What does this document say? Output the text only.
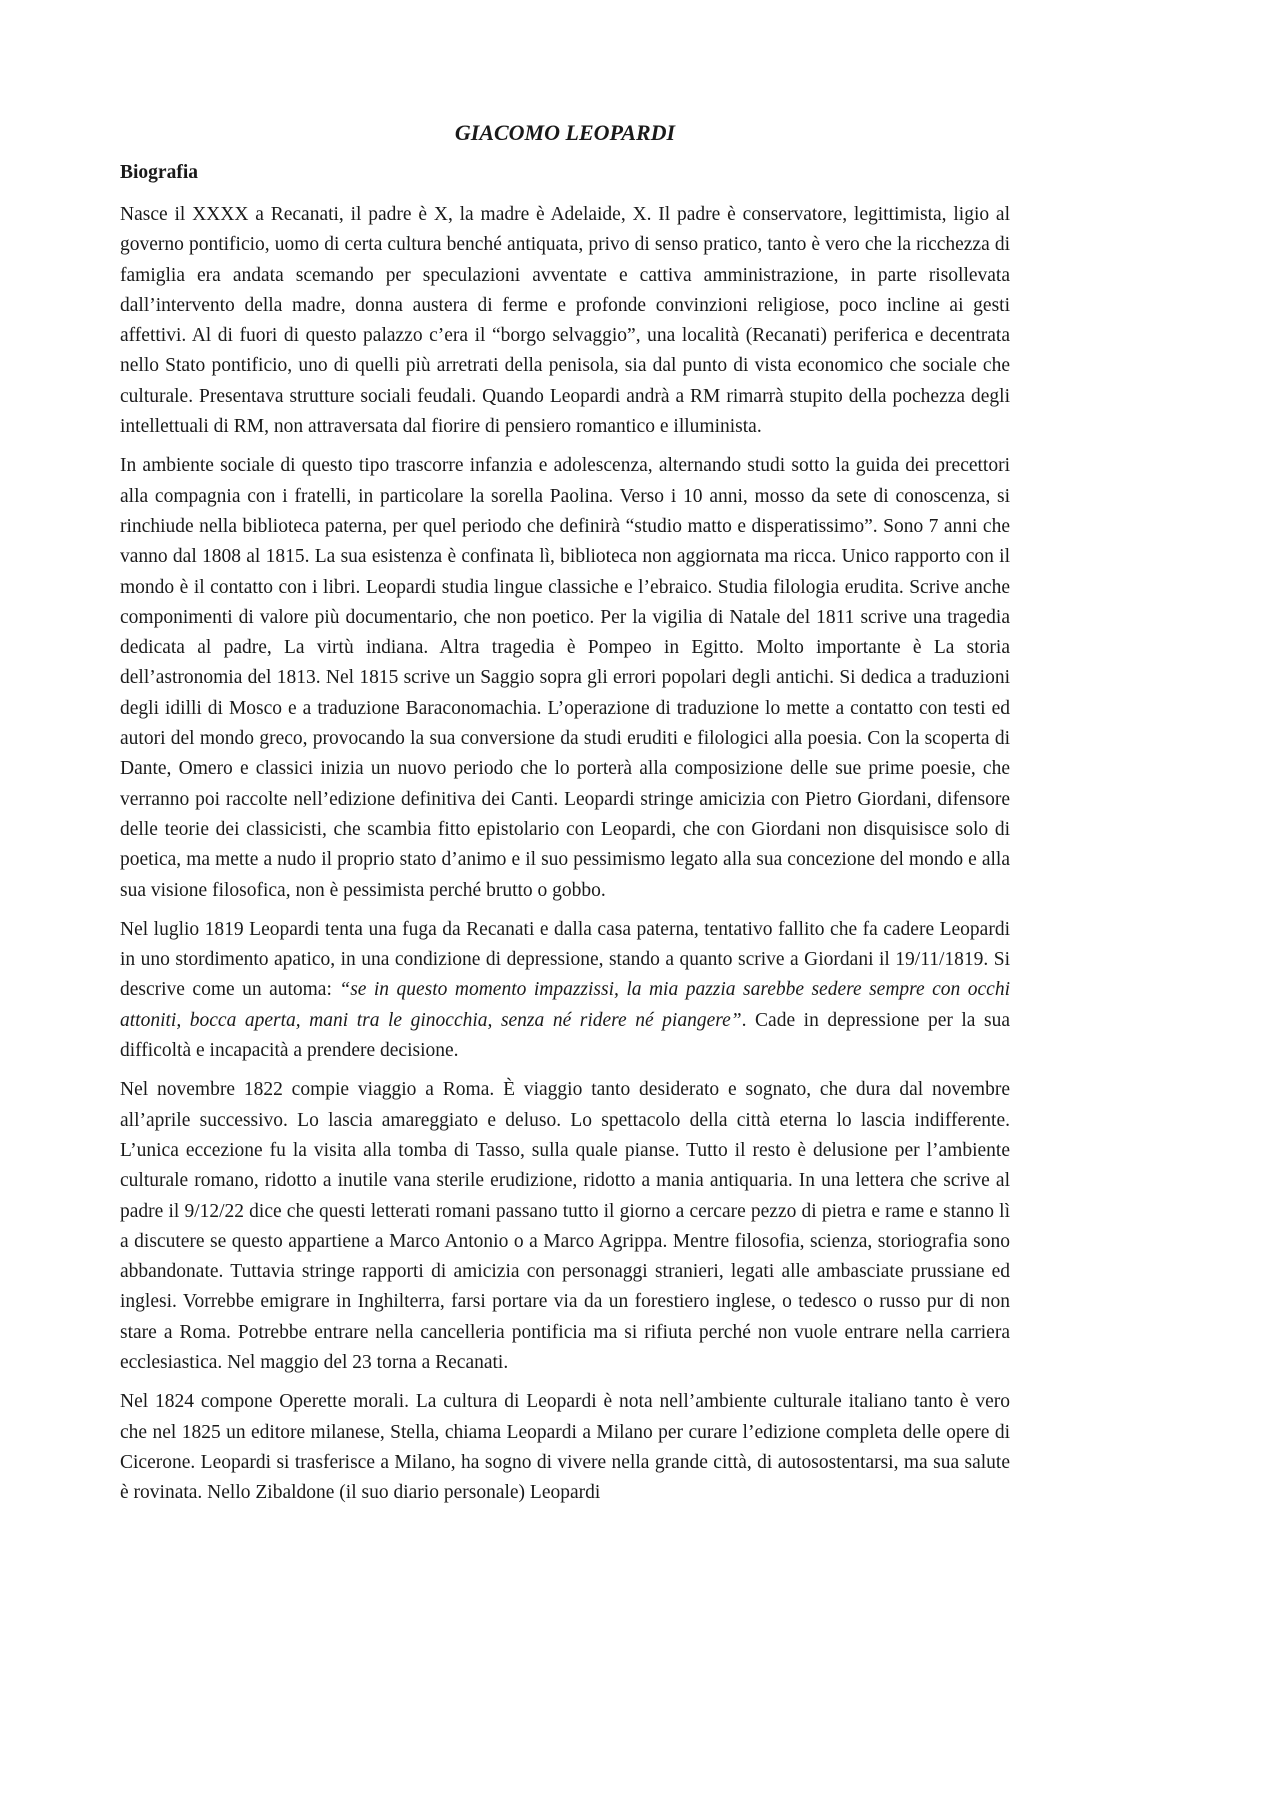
GIACOMO LEOPARDI
Biografia

Nasce il XXXX a Recanati, il padre è X, la madre è Adelaide, X. Il padre è conservatore, legittimista, ligio al governo pontificio, uomo di certa cultura benché antiquata, privo di senso pratico, tanto è vero che la ricchezza di famiglia era andata scemando per speculazioni avventate e cattiva amministrazione, in parte risollevata dall’intervento della madre, donna austera di ferme e profonde convinzioni religiose, poco incline ai gesti affettivi. Al di fuori di questo palazzo c’era il “borgo selvaggio”, una località (Recanati) periferica e decentrata nello Stato pontificio, uno di quelli più arretrati della penisola, sia dal punto di vista economico che sociale che culturale. Presentava strutture sociali feudali. Quando Leopardi andrà a RM rimarrà stupito della pochezza degli intellettuali di RM, non attraversata dal fiorire di pensiero romantico e illuminista.

In ambiente sociale di questo tipo trascorre infanzia e adolescenza, alternando studi sotto la guida dei precettori alla compagnia con i fratelli, in particolare la sorella Paolina. Verso i 10 anni, mosso da sete di conoscenza, si rinchiude nella biblioteca paterna, per quel periodo che definirà “studio matto e disperatissimo”. Sono 7 anni che vanno dal 1808 al 1815. La sua esistenza è confinata lì, biblioteca non aggiornata ma ricca. Unico rapporto con il mondo è il contatto con i libri. Leopardi studia lingue classiche e l’ebraico. Studia filologia erudita. Scrive anche componimenti di valore più documentario, che non poetico. Per la vigilia di Natale del 1811 scrive una tragedia dedicata al padre, La virtù indiana. Altra tragedia è Pompeo in Egitto. Molto importante è La storia dell’astronomia del 1813. Nel 1815 scrive un Saggio sopra gli errori popolari degli antichi. Si dedica a traduzioni degli idilli di Mosco e a traduzione Baraconomachia. L’operazione di traduzione lo mette a contatto con testi ed autori del mondo greco, provocando la sua conversione da studi eruditi e filologici alla poesia. Con la scoperta di Dante, Omero e classici inizia un nuovo periodo che lo porterà alla composizione delle sue prime poesie, che verranno poi raccolte nell’edizione definitiva dei Canti. Leopardi stringe amicizia con Pietro Giordani, difensore delle teorie dei classicisti, che scambia fitto epistolario con Leopardi, che con Giordani non disquisisce solo di poetica, ma mette a nudo il proprio stato d’animo e il suo pessimismo legato alla sua concezione del mondo e alla sua visione filosofica, non è pessimista perché brutto o gobbo.

Nel luglio 1819 Leopardi tenta una fuga da Recanati e dalla casa paterna, tentativo fallito che fa cadere Leopardi in uno stordimento apatico, in una condizione di depressione, stando a quanto scrive a Giordani il 19/11/1819. Si descrive come un automa: “se in questo momento impazzissi, la mia pazzia sarebbe sedere sempre con occhi attoniti, bocca aperta, mani tra le ginocchia, senza né ridere né piangere”. Cade in depressione per la sua difficoltà e incapacità a prendere decisione.

Nel novembre 1822 compie viaggio a Roma. È viaggio tanto desiderato e sognato, che dura dal novembre all’aprile successivo. Lo lascia amareggiato e deluso. Lo spettacolo della città eterna lo lascia indifferente. L’unica eccezione fu la visita alla tomba di Tasso, sulla quale pianse. Tutto il resto è delusione per l’ambiente culturale romano, ridotto a inutile vana sterile erudizione, ridotto a mania antiquaria. In una lettera che scrive al padre il 9/12/22 dice che questi letterati romani passano tutto il giorno a cercare pezzo di pietra e rame e stanno lì a discutere se questo appartiene a Marco Antonio o a Marco Agrippa. Mentre filosofia, scienza, storiografia sono abbandonate. Tuttavia stringe rapporti di amicizia con personaggi stranieri, legati alle ambasciate prussiane ed inglesi. Vorrebbe emigrare in Inghilterra, farsi portare via da un forestiero inglese, o tedesco o russo pur di non stare a Roma. Potrebbe entrare nella cancelleria pontificia ma si rifiuta perché non vuole entrare nella carriera ecclesiastica. Nel maggio del 23 torna a Recanati.

Nel 1824 compone Operette morali. La cultura di Leopardi è nota nell’ambiente culturale italiano tanto è vero che nel 1825 un editore milanese, Stella, chiama Leopardi a Milano per curare l’edizione completa delle opere di Cicerone. Leopardi si trasferisce a Milano, ha sogno di vivere nella grande città, di autosostentarsi, ma sua salute è rovinata. Nello Zibaldone (il suo diario personale) Leopardi
